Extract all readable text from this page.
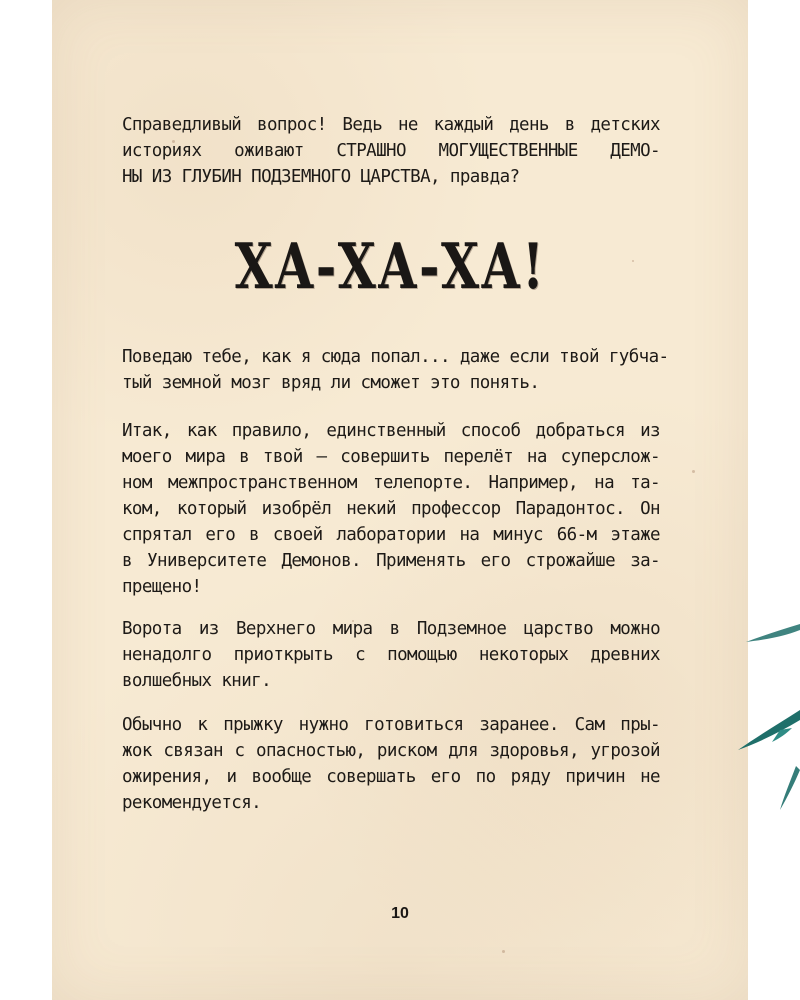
Справедливый вопрос! Ведь не каждый день в детских
историях оживают СТРАШНО МОГУЩЕСТВЕННЫЕ ДЕМО-
НЫ ИЗ ГЛУБИН ПОДЗЕМНОГО ЦАРСТВА, правда?
ХА-ХА-ХА!
Поведаю тебе, как я сюда попал... даже если твой губча-
тый земной мозг вряд ли сможет это понять.
Итак, как правило, единственный способ добраться из
моего мира в твой — совершить перелёт на суперслож-
ном межпространственном телепорте. Например, на та-
ком, который изобрёл некий профессор Парадонтос. Он
спрятал его в своей лаборатории на минус 66-м этаже
в Университете Демонов. Применять его строжайше за-
прещено!
Ворота из Верхнего мира в Подземное царство можно
ненадолго приоткрыть с помощью некоторых древних
волшебных книг.
Обычно к прыжку нужно готовиться заранее. Сам пры-
жок связан с опасностью, риском для здоровья, угрозой
ожирения, и вообще совершать его по ряду причин не
рекомендуется.
10
